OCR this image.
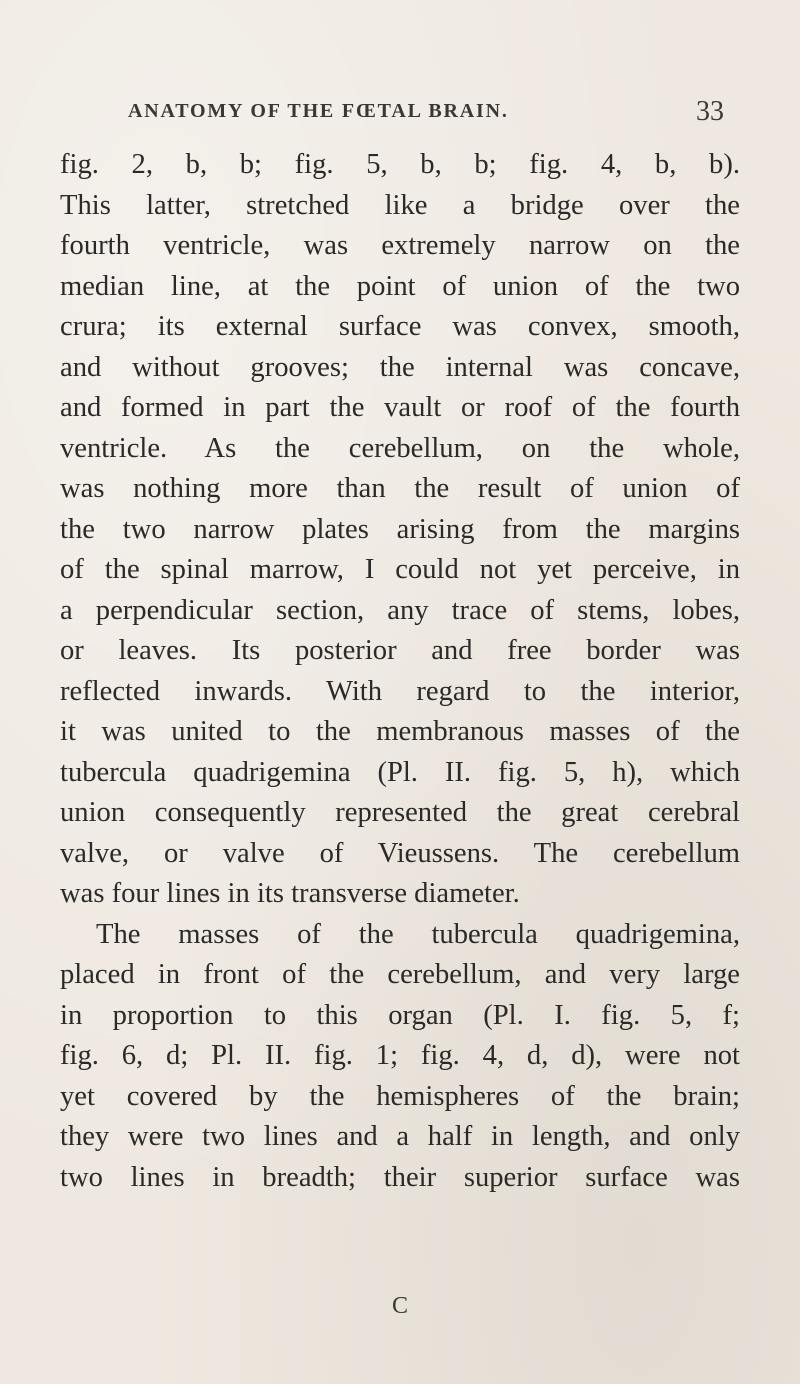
ANATOMY OF THE FŒTAL BRAIN.	33
fig. 2, b, b; fig. 5, b, b; fig. 4, b, b).
This latter, stretched like a bridge over the
fourth ventricle, was extremely narrow on the
median line, at the point of union of the two
crura; its external surface was convex, smooth,
and without grooves; the internal was concave,
and formed in part the vault or roof of the fourth
ventricle. As the cerebellum, on the whole,
was nothing more than the result of union of
the two narrow plates arising from the margins
of the spinal marrow, I could not yet perceive, in
a perpendicular section, any trace of stems, lobes,
or leaves. Its posterior and free border was
reflected inwards. With regard to the interior,
it was united to the membranous masses of the
tubercula quadrigemina (Pl. II. fig. 5, h), which
union consequently represented the great cerebral
valve, or valve of Vieussens. The cerebellum
was four lines in its transverse diameter.
The masses of the tubercula quadrigemina,
placed in front of the cerebellum, and very large
in proportion to this organ (Pl. I. fig. 5, f;
fig. 6, d; Pl. II. fig. 1; fig. 4, d, d), were not
yet covered by the hemispheres of the brain;
they were two lines and a half in length, and only
two lines in breadth; their superior surface was
C
